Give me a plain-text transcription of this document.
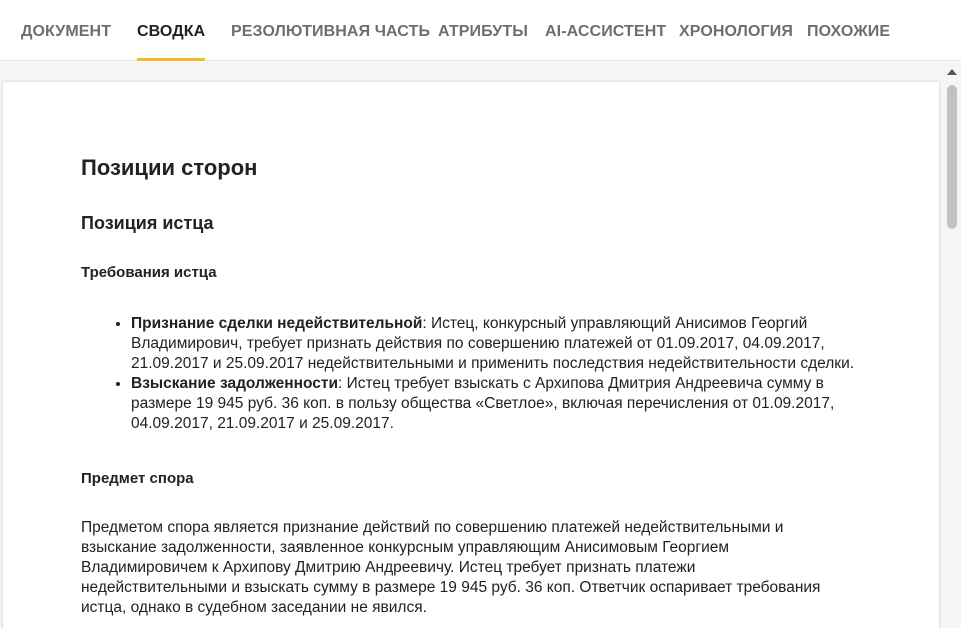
ДОКУМЕНТ СВОДКА РЕЗОЛЮТИВНАЯ ЧАСТЬ АТРИБУТЫ AI-АССИСТЕНТ ХРОНОЛОГИЯ ПОХОЖИЕ
Позиции сторон
Позиция истца
Требования истца
• Признание сделки недействительной: Истец, конкурсный управляющий Анисимов Георгий Владимирович, требует признать действия по совершению платежей от 01.09.2017, 04.09.2017, 21.09.2017 и 25.09.2017 недействительными и применить последствия недействительности сделки.
• Взыскание задолженности: Истец требует взыскать с Архипова Дмитрия Андреевича сумму в размере 19 945 руб. 36 коп. в пользу общества «Светлое», включая перечисления от 01.09.2017, 04.09.2017, 21.09.2017 и 25.09.2017.
Предмет спора

Предметом спора является признание действий по совершению платежей недействительными и взыскание задолженности, заявленное конкурсным управляющим Анисимовым Георгием Владимировичем к Архипову Дмитрию Андреевичу. Истец требует признать платежи недействительными и взыскать сумму в размере 19 945 руб. 36 коп. Ответчик оспаривает требования истца, однако в судебном заседании не явился.
